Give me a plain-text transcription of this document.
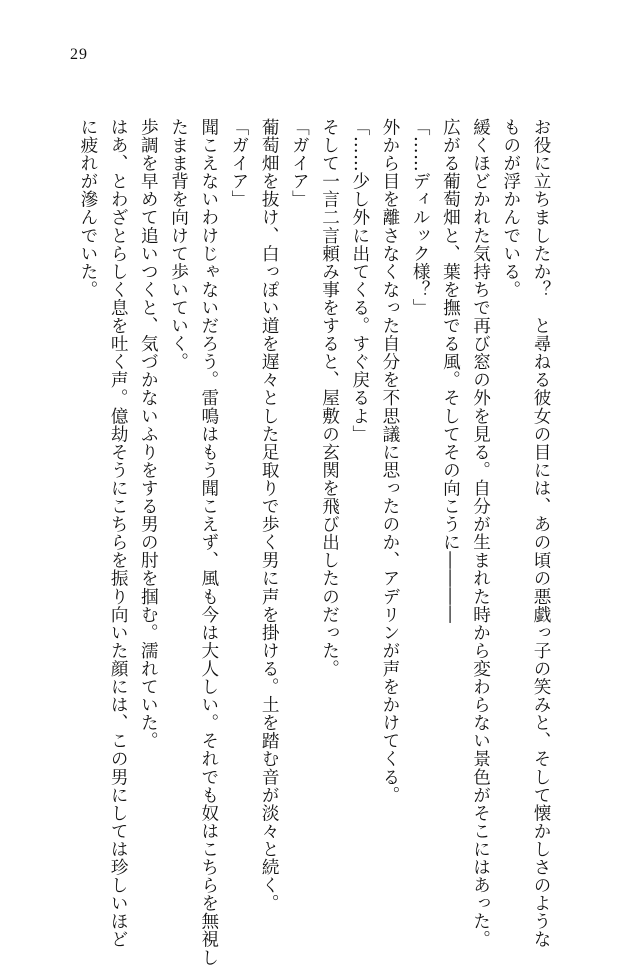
29
お役に立ちましたか？　と尋ねる彼女の目には、あの頃の悪戯っ子の笑みと、そして懐かしさのような
ものが浮かんでいる。
緩くほどかれた気持ちで再び窓の外を見る。自分が生まれた時から変わらない景色がそこにはあった。
広がる葡萄畑と、葉を撫でる風。そしてその向こうに――――
「……ディルック様？」
外から目を離さなくなった自分を不思議に思ったのか、アデリンが声をかけてくる。
「……少し外に出てくる。すぐ戻るよ」
そして一言二言頼み事をすると、屋敷の玄関を飛び出したのだった。
「ガイア」
葡萄畑を抜け、白っぽい道を遅々とした足取りで歩く男に声を掛ける。土を踏む音が淡々と続く。
「ガイア」
聞こえないわけじゃないだろう。雷鳴はもう聞こえず、風も今は大人しい。それでも奴はこちらを無視し
たまま背を向けて歩いていく。
歩調を早めて追いつくと、気づかないふりをする男の肘を掴む。濡れていた。
はあ、とわざとらしく息を吐く声。億劫そうにこちらを振り向いた顔には、この男にしては珍しいほど
に疲れが滲んでいた。
